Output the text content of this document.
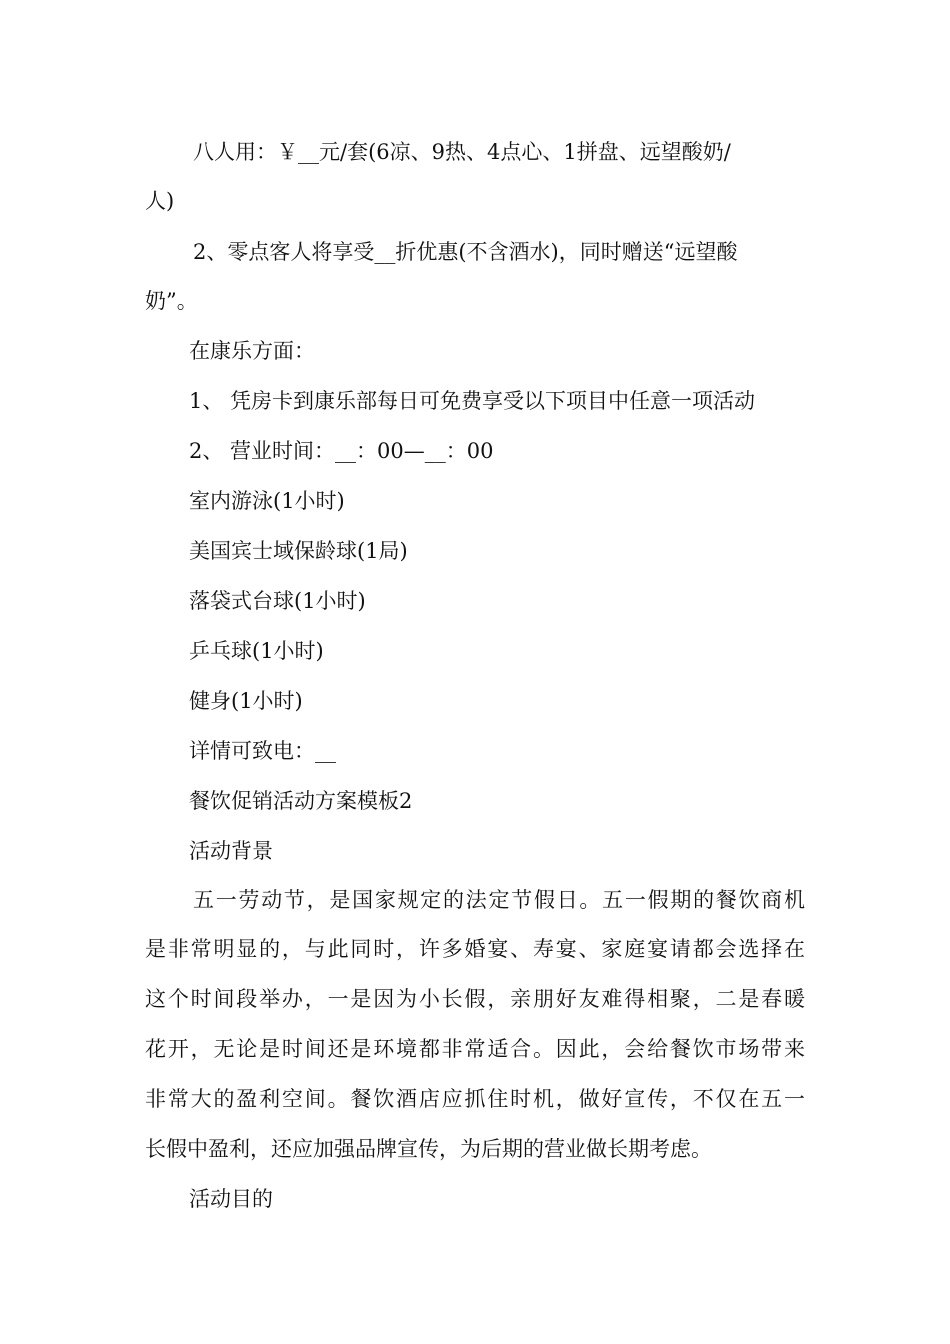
八人用：￥__元/套(6凉、9热、4点心、1拼盘、远望酸奶/
人)
2、零点客人将享受__折优惠(不含酒水)，同时赠送“远望酸
奶”。
在康乐方面：
1、 凭房卡到康乐部每日可免费享受以下项目中任意一项活动
2、 营业时间：__：00—__：00
室内游泳(1小时)
美国宾士域保龄球(1局)
落袋式台球(1小时)
乒乓球(1小时)
健身(1小时)
详情可致电：__
餐饮促销活动方案模板2
活动背景
五一劳动节，是国家规定的法定节假日。五一假期的餐饮商机
是非常明显的，与此同时，许多婚宴、寿宴、家庭宴请都会选择在
这个时间段举办，一是因为小长假，亲朋好友难得相聚，二是春暖
花开，无论是时间还是环境都非常适合。因此，会给餐饮市场带来
非常大的盈利空间。餐饮酒店应抓住时机，做好宣传，不仅在五一
长假中盈利，还应加强品牌宣传，为后期的营业做长期考虑。
活动目的
